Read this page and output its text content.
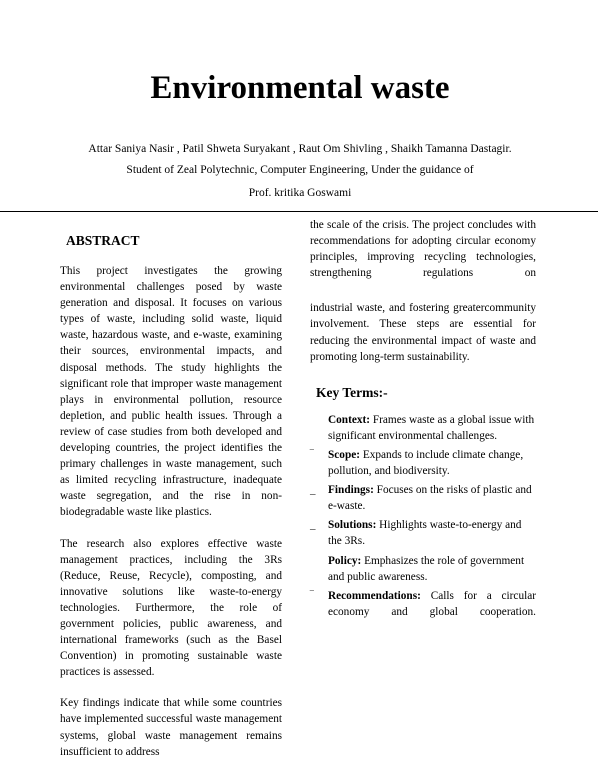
Environmental waste
Attar Saniya Nasir , Patil Shweta Suryakant , Raut Om Shivling , Shaikh Tamanna Dastagir.
Student of Zeal Polytechnic, Computer Engineering, Under the guidance of
Prof. kritika Goswami
ABSTRACT

This project investigates the growing environmental challenges posed by waste generation and disposal. It focuses on various types of waste, including solid waste, liquid waste, hazardous waste, and e-waste, examining their sources, environmental impacts, and disposal methods. The study highlights the significant role that improper waste management plays in environmental pollution, resource depletion, and public health issues. Through a review of case studies from both developed and developing countries, the project identifies the primary challenges in waste management, such as limited recycling infrastructure, inadequate waste segregation, and the rise in non-biodegradable waste like plastics.

The research also explores effective waste management practices, including the 3Rs (Reduce, Reuse, Recycle), composting, and innovative solutions like waste-to-energy technologies. Furthermore, the role of government policies, public awareness, and international frameworks (such as the Basel Convention) in promoting sustainable waste practices is assessed.

Key findings indicate that while some countries have implemented successful waste management systems, global waste management remains insufficient to address

the scale of the crisis. The project concludes with recommendations for adopting circular economy principles, improving recycling technologies, strengthening regulations on

industrial waste, and fostering greatercommunity involvement. These steps are essential for reducing the environmental impact of waste and promoting long-term sustainability.

Key Terms:-
Context: Frames waste as a global issue with significant environmental challenges.
‾	Scope: Expands to include climate change, pollution, and biodiversity.
_	Findings: Focuses on the risks of plastic and e-waste.
_	Solutions: Highlights waste-to-energy and the 3Rs.
Policy: Emphasizes the role of government and public awareness.
‾	Recommendations: Calls for a circular economy and global cooperation.
